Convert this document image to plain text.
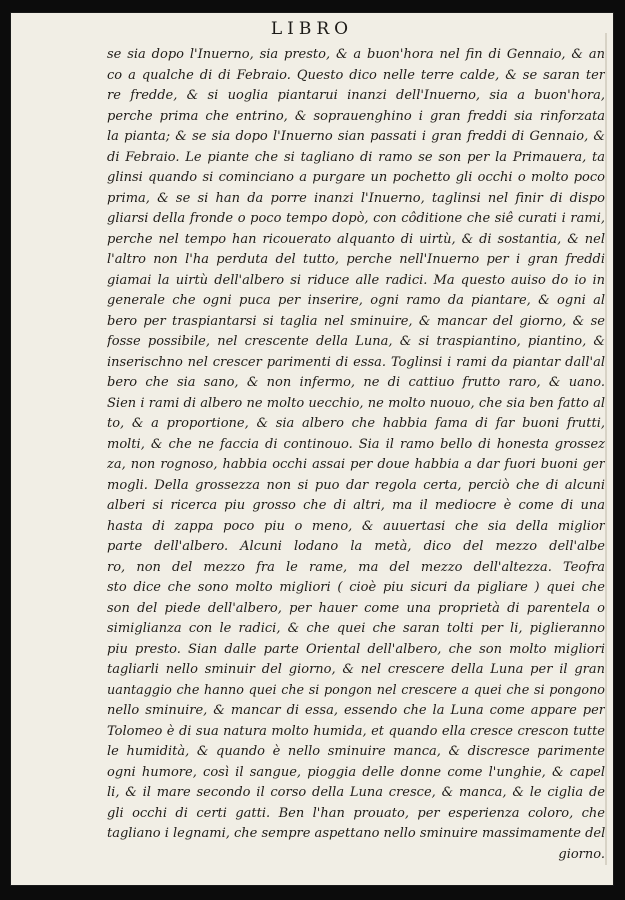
LIBRO
se sia dopo l'Inuerno, sia presto, & a buon'hora nel fin di Gennaio, & an
co a qualche di di Febraio. Questo dico nelle terre calde, & se saran ter
re fredde, & si uoglia piantarui inanzi dell'Inuerno, sia a buon'hora,
perche prima che entrino, & soprauenghino i gran freddi sia rinforzata
la pianta; & se sia dopo l'Inuerno sian passati i gran freddi di Gennaio, &
di Febraio. Le piante che si tagliano di ramo se son per la Primauera, ta
glinsi quando si cominciano a purgare un pochetto gli occhi o molto poco
prima, & se si han da porre inanzi l'Inuerno, taglinsi nel finir di dispo
gliarsi della fronde o poco tempo dopò, con côditione che siê curati i rami,
perche nel tempo han ricouerato alquanto di uirtù, & di sostantia, & nel
l'altro non l'ha perduta del tutto, perche nell'Inuerno per i gran freddi
giamai la uirtù dell'albero si riduce alle radici. Ma questo auiso do io in
generale che ogni puca per inserire, ogni ramo da piantare, & ogni al
bero per traspiantarsi si taglia nel sminuire, & mancar del giorno, & se
fosse possibile, nel crescente della Luna, & si traspiantino, piantino, &
inserischno nel crescer parimenti di essa. Toglinsi i rami da piantar dall'al
bero che sia sano, & non infermo, ne di cattiuo frutto raro, & uano.
Sien i rami di albero ne molto uecchio, ne molto nuouo, che sia ben fatto al
to, & a proportione, & sia albero che habbia fama di far buoni frutti,
molti, & che ne faccia di continouo. Sia il ramo bello di honesta grossez
za, non rognoso, habbia occhi assai per doue habbia a dar fuori buoni ger
mogli. Della grossezza non si puo dar regola certa, perciò che di alcuni
alberi si ricerca piu grosso che di altri, ma il mediocre è come di una
hasta di zappa poco piu o meno, & auuertasi che sia della miglior
parte dell'albero. Alcuni lodano la metà, dico del mezzo dell'albe
ro, non del mezzo fra le rame, ma del mezzo dell'altezza. Teofra
sto dice che sono molto migliori ( cioè piu sicuri da pigliare ) quei che
son del piede dell'albero, per hauer come una proprietà di parentela o
simiglianza con le radici, & che quei che saran tolti per li, piglieranno
piu presto. Sian dalle parte Oriental dell'albero, che son molto migliori
tagliarli nello sminuir del giorno, & nel crescere della Luna per il gran
uantaggio che hanno quei che si pongon nel crescere a quei che si pongono
nello sminuire, & mancar di essa, essendo che la Luna come appare per
Tolomeo è di sua natura molto humida, et quando ella cresce crescon tutte
le humidità, & quando è nello sminuire manca, & discresce parimente
ogni humore, così il sangue, pioggia delle donne come l'unghie, & capel
li, & il mare secondo il corso della Luna cresce, & manca, & le ciglia de
gli occhi di certi gatti. Ben l'han prouato, per esperienza coloro, che
tagliano i legnami, che sempre aspettano nello sminuire massimamente del
giorno.
